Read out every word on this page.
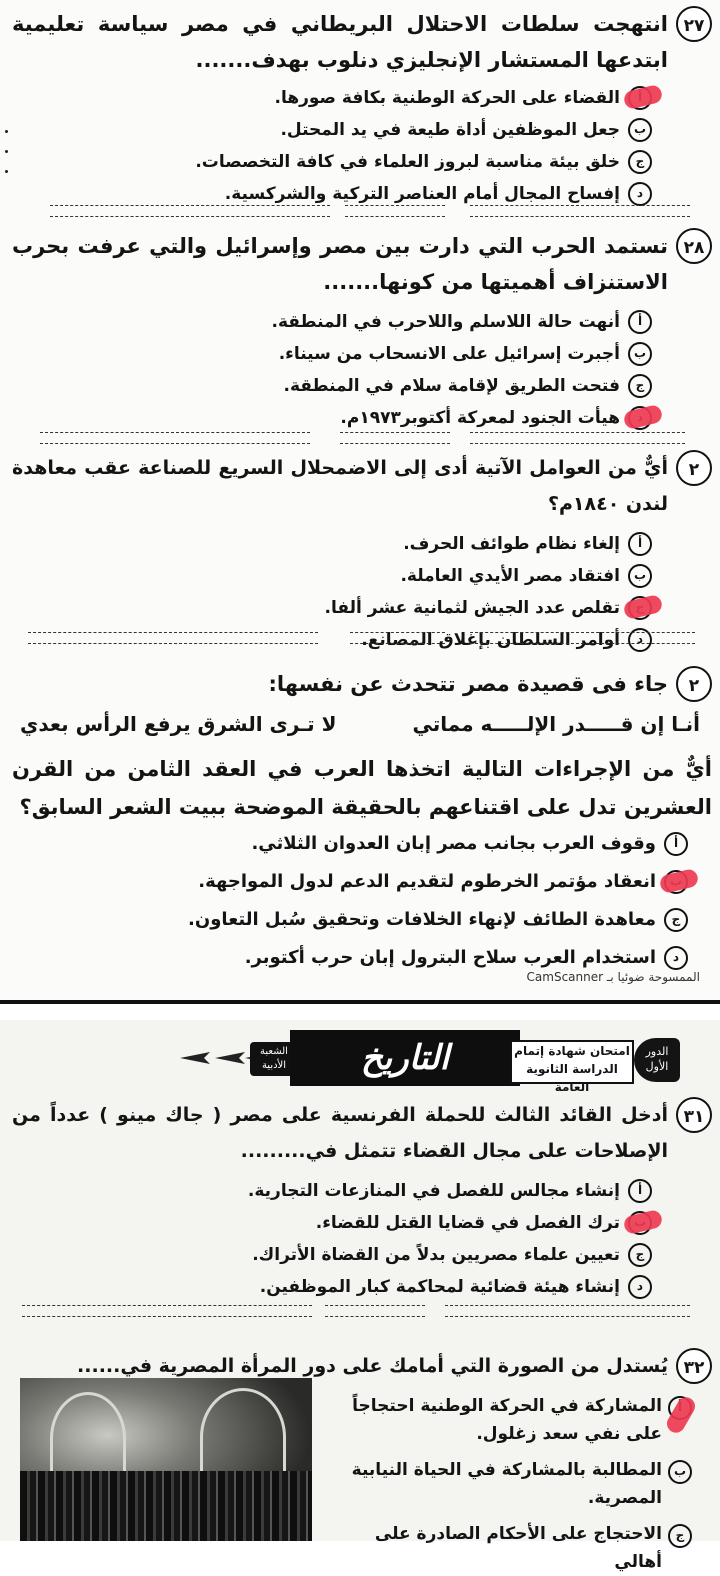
٢٧
انتهجت سلطات الاحتلال البريطاني في مصر سياسة تعليمية ابتدعها المستشار الإنجليزي دنلوب بهدف.......
القضاء على الحركة الوطنية بكافة صورها.
بجعل الموظفين أداة طيعة في يد المحتل.
جخلق بيئة مناسبة لبروز العلماء في كافة التخصصات.
دإفساح المجال أمام العناصر التركية والشركسية.
٢٨
تستمد الحرب التي دارت بين مصر وإسرائيل والتي عرفت بحرب الاستنزاف أهميتها من كونها.......
أأنهت حالة اللاسلم واللاحرب في المنطقة.
بأجبرت إسرائيل على الانسحاب من سيناء.
جفتحت الطريق لإقامة سلام في المنطقة.
هيأت الجنود لمعركة أكتوبر١٩٧٣م.
٢
أيٌّ من العوامل الآتية أدى إلى الاضمحلال السريع للصناعة عقب معاهدة لندن ١٨٤٠م؟
أإلغاء نظام طوائف الحرف.
بافتقاد مصر الأيدي العاملة.
تقلص عدد الجيش لثمانية عشر ألفا.
دأوامر السلطان بإغلاق المصانع.
٢
جاء فى قصيدة مصر تتحدث عن نفسها:
أنـا إن قـــــدر الإلـــــه مماتي
لا تـرى الشرق يرفع الرأس بعدي
أيٌّ من الإجراءات التالية اتخذها العرب في العقد الثامن من القرن العشرين تدل على اقتناعهم بالحقيقة الموضحة ببيت الشعر السابق؟
أوقوف العرب بجانب مصر إبان العدوان الثلاثي.
انعقاد مؤتمر الخرطوم لتقديم الدعم لدول المواجهة.
جمعاهدة الطائف لإنهاء الخلافات وتحقيق سُبل التعاون.
داستخدام العرب سلاح البترول إبان حرب أكتوبر.
الممسوحة ضوئيا بـ CamScanner
الشعبة الأدبية	التاريخ	امتحان شهادة إتمام الدراسة الثانوية العامة
الدور الأول
٣١
أدخل القائد الثالث للحملة الفرنسية على مصر ( جاك مينو ) عدداً من الإصلاحات على مجال القضاء تتمثل في.........
أإنشاء مجالس للفصل في المنازعات التجارية.
ترك الفصل في قضايا القتل للقضاء.
جتعيين علماء مصريين بدلاً من القضاة الأتراك.
دإنشاء هيئة قضائية لمحاكمة كبار الموظفين.
٣٢
يُستدل من الصورة التي أمامك على دور المرأة المصرية في......
المشاركة في الحركة الوطنية احتجاجاً على نفي سعد زغلول.
ب
المطالبة بالمشاركة في الحياة النيابية المصرية.
ج
الاحتجاج على الأحكام الصادرة على أهالي
